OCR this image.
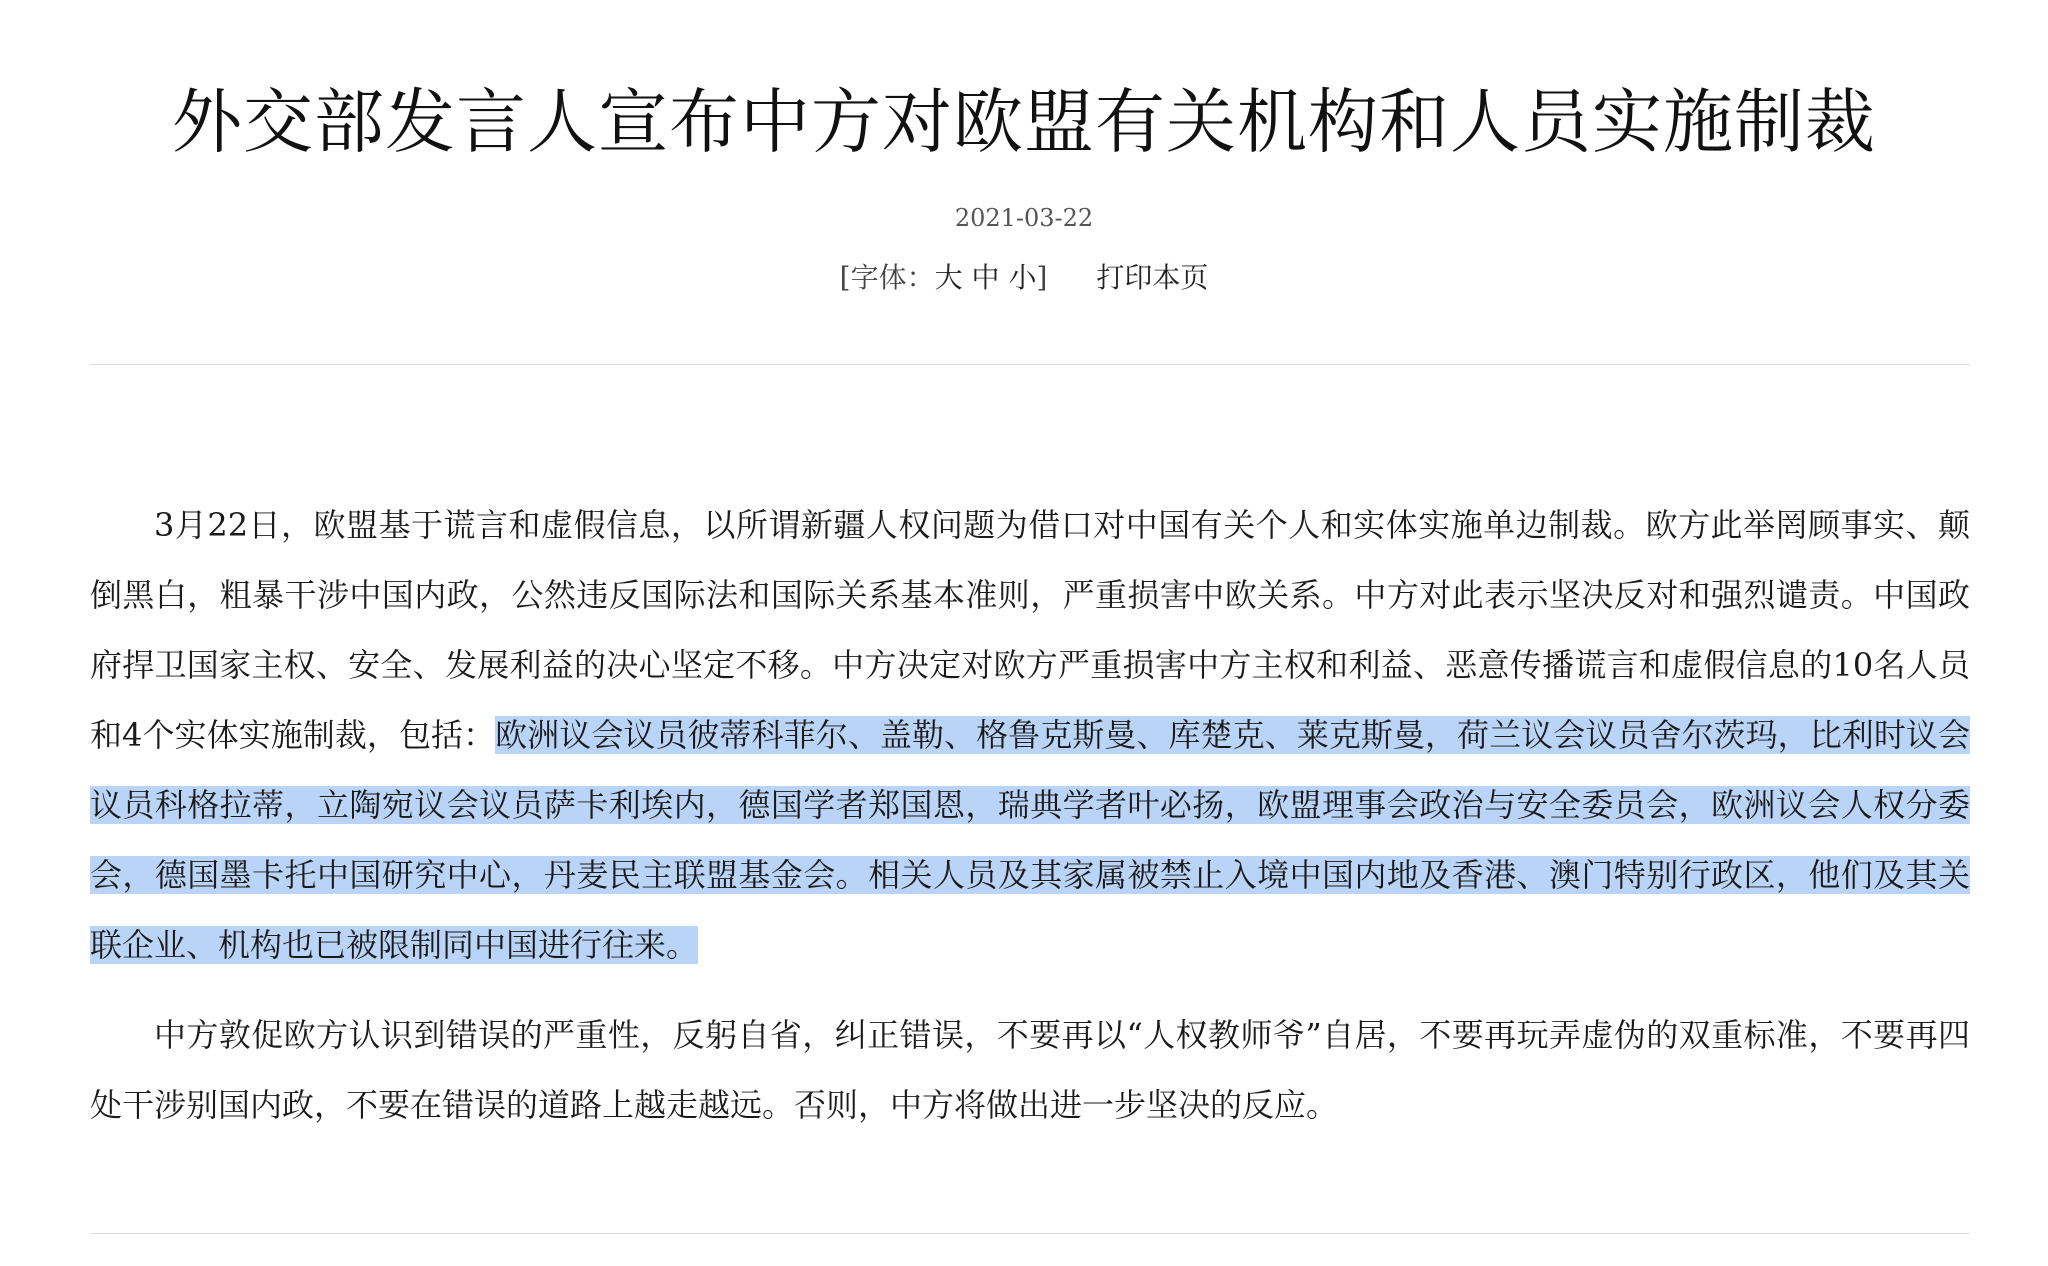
外交部发言人宣布中方对欧盟有关机构和人员实施制裁
2021-03-22
[字体：大 中 小] 打印本页

3月22日，欧盟基于谎言和虚假信息，以所谓新疆人权问题为借口对中国有关个人和实体实施单边制裁。欧方此举罔顾事实、颠倒黑白，粗暴干涉中国内政，公然违反国际法和国际关系基本准则，严重损害中欧关系。中方对此表示坚决反对和强烈谴责。中国政府捍卫国家主权、安全、发展利益的决心坚定不移。中方决定对欧方严重损害中方主权和利益、恶意传播谎言和虚假信息的10名人员和4个实体实施制裁，包括：欧洲议会议员彼蒂科菲尔、盖勒、格鲁克斯曼、库楚克、莱克斯曼，荷兰议会议员舍尔茨玛，比利时议会议员科格拉蒂，立陶宛议会议员萨卡利埃内，德国学者郑国恩，瑞典学者叶必扬，欧盟理事会政治与安全委员会，欧洲议会人权分委会，德国墨卡托中国研究中心，丹麦民主联盟基金会。相关人员及其家属被禁止入境中国内地及香港、澳门特别行政区，他们及其关联企业、机构也已被限制同中国进行往来。

中方敦促欧方认识到错误的严重性，反躬自省，纠正错误，不要再以“人权教师爷”自居，不要再玩弄虚伪的双重标准，不要再四处干涉别国内政，不要在错误的道路上越走越远。否则，中方将做出进一步坚决的反应。
